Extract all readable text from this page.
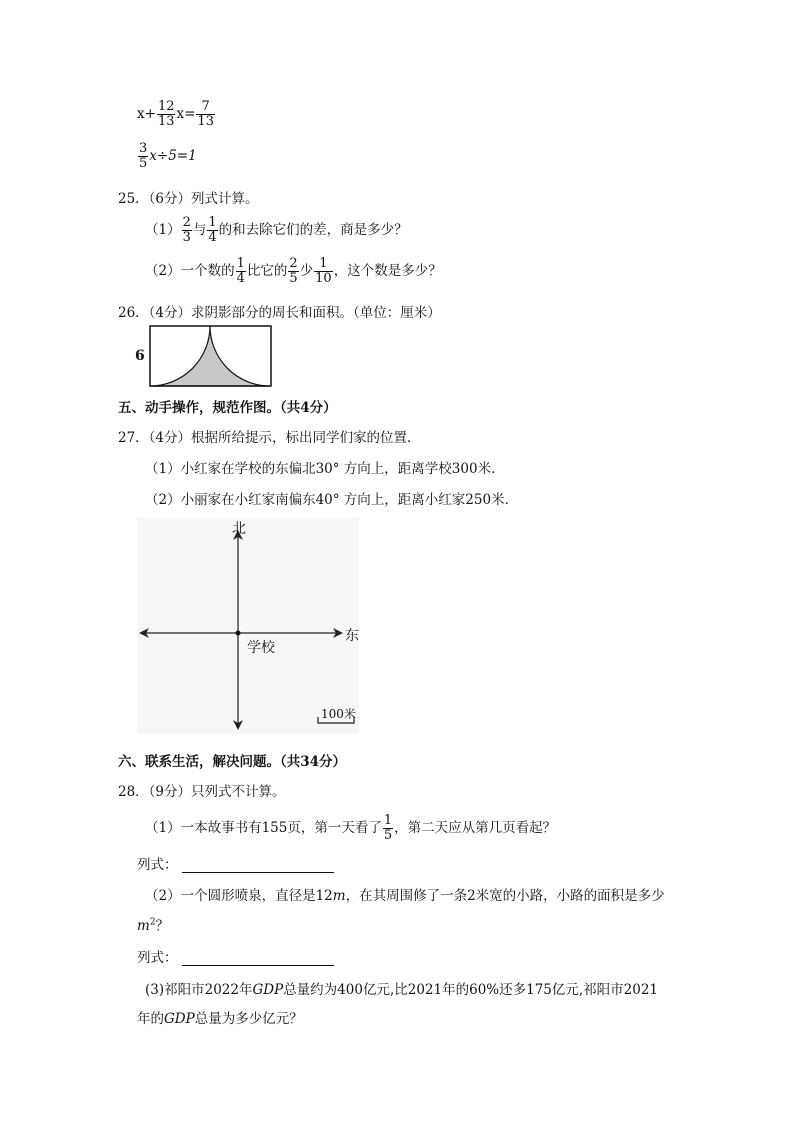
$x+ \frac{12}{13} x= \frac{7}{13}$
$\frac{3}{5} x\div 5=1$
25．（6分）列式计算。
$(1) \frac{2}{3}$ 与 $\frac{1}{4}$ 的和去除它们的差，商是多少？
（2）一个数的 $\frac{1}{4}$ 比它的 $\frac{2}{5}$ 少 $\frac{1}{10}$ ，这个数是多少？
26．（4分）求阴影部分的周长和面积。（单位：厘米）
6
五、动手操作，规范作图。（共4分）
27．（4分）根据所给提示，标出同学们家的位置．
（1）小红家在学校的东偏北30° 方向上，距离学校300米．
（2）小丽家在小红家南偏东40° 方向上，距离小红家250米．
北
东
学校
100米
六、联系生活，解决问题。（共34分）
28．（9分）只列式不计算。
（1）一本故事书有155页，第一天看了 $\frac{1}{5}$ ，第二天应从第几页看起？
列式：
（2）一个圆形喷泉，直径是12m，在其周围修了一条2米宽的小路，小路的面积是多少
$m^2$？
列式：
(3)祁阳市2022年GDP总量约为400亿元,比2021年的60%还多175亿元,祁阳市2021
年的GDP总量为多少亿元？
